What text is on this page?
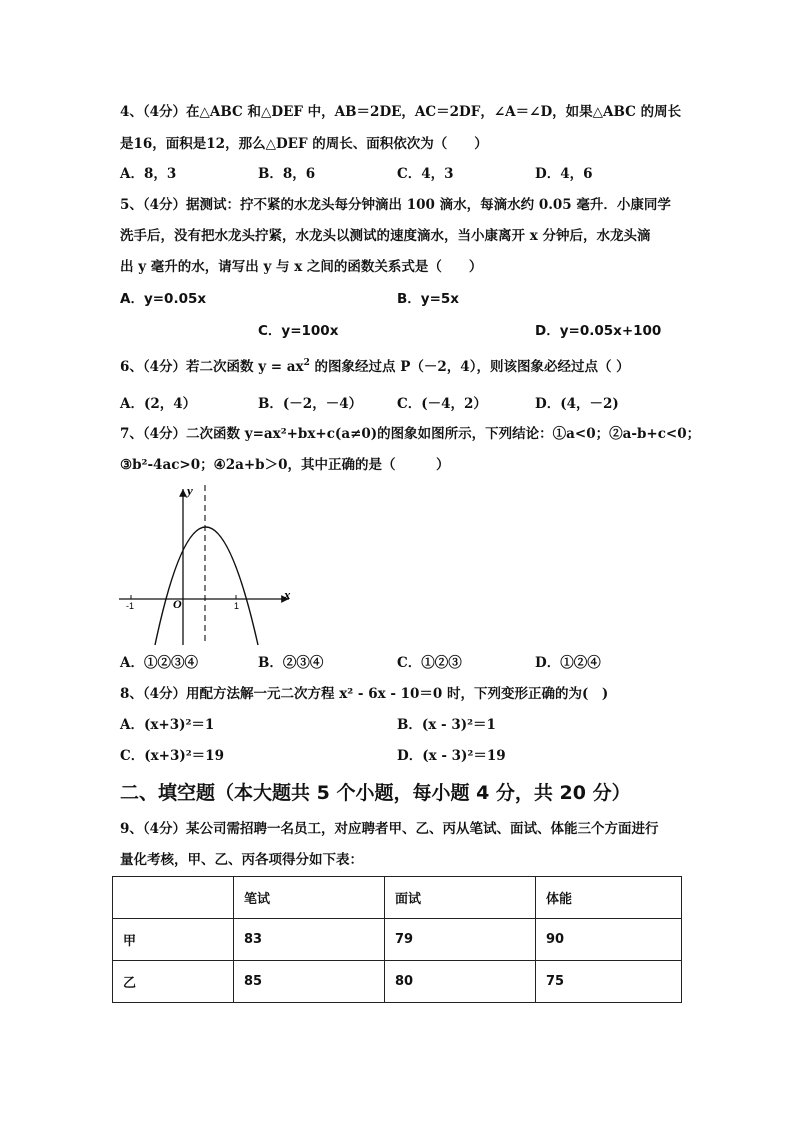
4、（4分）在△ABC 和△DEF 中，AB＝2DE，AC＝2DF，∠A＝∠D，如果△ABC 的周长
是16，面积是12，那么△DEF 的周长、面积依次为（　　）
A．8，3	B．8，6	C．4，3	D．4，6
5、（4分）据测试：拧不紧的水龙头每分钟滴出 100 滴水，每滴水约 0.05 毫升．小康同学
洗手后，没有把水龙头拧紧，水龙头以测试的速度滴水，当小康离开 x 分钟后，水龙头滴
出 y 毫升的水，请写出 y 与 x 之间的函数关系式是（　　）
A．y=0.05x	B．y=5x
C．y=100x	D．y=0.05x+100
6、（4分）若二次函数 $y = ax^2$ 的图象经过点 P（－2，4），则该图象必经过点（ ）
A．(2，4）	B．(－2，－4）	C．(－4，2）	D．(4，－2)
7、（4分）二次函数 y=ax²+bx+c(a≠0)的图象如图所示，下列结论：①a<0；②a-b+c<0；
③b²-4ac>0；④2a+b＞0，其中正确的是（　　　）
y
x
O
-1	1
A．①②③④	B．②③④	C．①②③	D．①②④
8、（4分）用配方法解一元二次方程 x² - 6x - 10＝0 时，下列变形正确的为(　)
A．(x+3)²＝1	B．(x - 3)²＝1
C．(x+3)²＝19	D．(x - 3)²＝19
二、填空题（本大题共 5 个小题，每小题 4 分，共 20 分）
9、（4分）某公司需招聘一名员工，对应聘者甲、乙、丙从笔试、面试、体能三个方面进行
量化考核，甲、乙、丙各项得分如下表：
	笔试	面试	体能
甲	83	79	90
乙	85	80	75
